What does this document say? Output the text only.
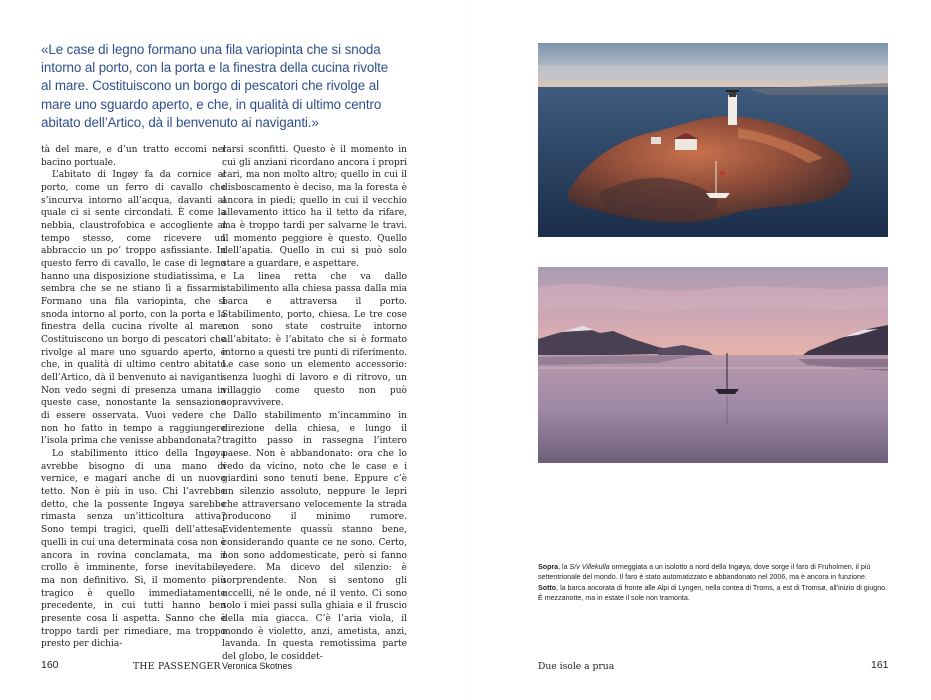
«Le case di legno formano una fila variopinta che si snoda intorno al porto, con la porta e la finestra della cucina rivolte al mare. Costituiscono un borgo di pescatori che rivolge al mare uno sguardo aperto, e che, in qualità di ultimo centro abitato dell’Artico, dà il benvenuto ai naviganti.»

tà del mare, e d’un tratto eccomi nel bacino portuale.

L’abitato di Ingøy fa da cornice al porto, come un ferro di cavallo che s’incurva intorno all’acqua, davanti al quale ci si sente circondati. È come la nebbia, claustrofobica e accogliente al tempo stesso, come ricevere un abbraccio un po’ troppo asfissiante. In questo ferro di cavallo, le case di legno hanno una disposizione studiatissima, e sembra che se ne stiano lì a fissarmi. Formano una fila variopinta, che si snoda intorno al porto, con la porta e la finestra della cucina rivolte al mare. Costituiscono un borgo di pescatori che rivolge al mare uno sguardo aperto, e che, in qualità di ultimo centro abitato dell’Artico, dà il benvenuto ai naviganti. Non vedo segni di presenza umana in queste case, nonostante la sensazione di essere osservata. Vuoi vedere che non ho fatto in tempo a raggiungere l’isola prima che venisse abbandonata?

Lo stabilimento ittico della Ingøya avrebbe bisogno di una mano di vernice, e magari anche di un nuovo tetto. Non è più in uso. Chi l’avrebbe detto, che la possente Ingøya sarebbe rimasta senza un’itticoltura attiva? Sono tempi tragici, quelli dell’attesa, quelli in cui una determinata cosa non è ancora in rovina conclamata, ma il crollo è imminente, forse inevitabile, ma non definitivo. Sì, il momento più tragico è quello immediatamente precedente, in cui tutti hanno ben presente cosa li aspetta. Sanno che è troppo tardi per rimediare, ma troppo presto per dichia-

rarsi sconfitti. Questo è il momento in cui gli anziani ricordano ancora i propri cari, ma non molto altro; quello in cui il disboscamento è deciso, ma la foresta è ancora in piedi; quello in cui il vecchio allevamento ittico ha il tetto da rifare, ma è troppo tardi per salvarne le travi. Il momento peggiore è questo. Quello dell’apatia. Quello in cui si può solo stare a guardare, e aspettare.

La linea retta che va dallo stabilimento alla chiesa passa dalla mia barca e attraversa il porto. Stabilimento, porto, chiesa. Le tre cose non sono state costruite intorno all’abitato: è l’abitato che si è formato intorno a questi tre punti di riferimento. Le case sono un elemento accessorio: senza luoghi di lavoro e di ritrovo, un villaggio come questo non può sopravvivere.

Dallo stabilimento m’incammino in direzione della chiesa, e lungo il tragitto passo in rassegna l’intero paese. Non è abbandonato: ora che lo vedo da vicino, noto che le case e i giardini sono tenuti bene. Eppure c’è un silenzio assoluto, neppure le lepri che attraversano velocemente la strada producono il minimo rumore. Evidentemente quassù stanno bene, considerando quante ce ne sono. Certo, non sono addomesticate, però si fanno vedere. Ma dicevo del silenzio: è sorprendente. Non si sentono gli uccelli, né le onde, né il vento. Ci sono solo i miei passi sulla ghiaia e il fruscio della mia giacca. C’è l’aria viola, il mondo è violetto, anzi, ametista, anzi, lavanda. In questa remotissima parte del globo, le cosiddet-

Sopra, la S/v Villekulla ormeggiata a un isolotto a nord della Ingøya, dove sorge il faro di Fruholmen, il più settentrionale del mondo. Il faro è stato automatizzato e abbandonato nel 2006, ma è ancora in funzione. Sotto, la barca ancorata di fronte alle Alpi di Lyngen, nella contea di Troms, a est di Tromsø, all’inizio di giugno. È mezzanotte, ma in estate il sole non tramonta.
160	THE PASSENGER Veronica Skotnes	Due isole a prua	161
